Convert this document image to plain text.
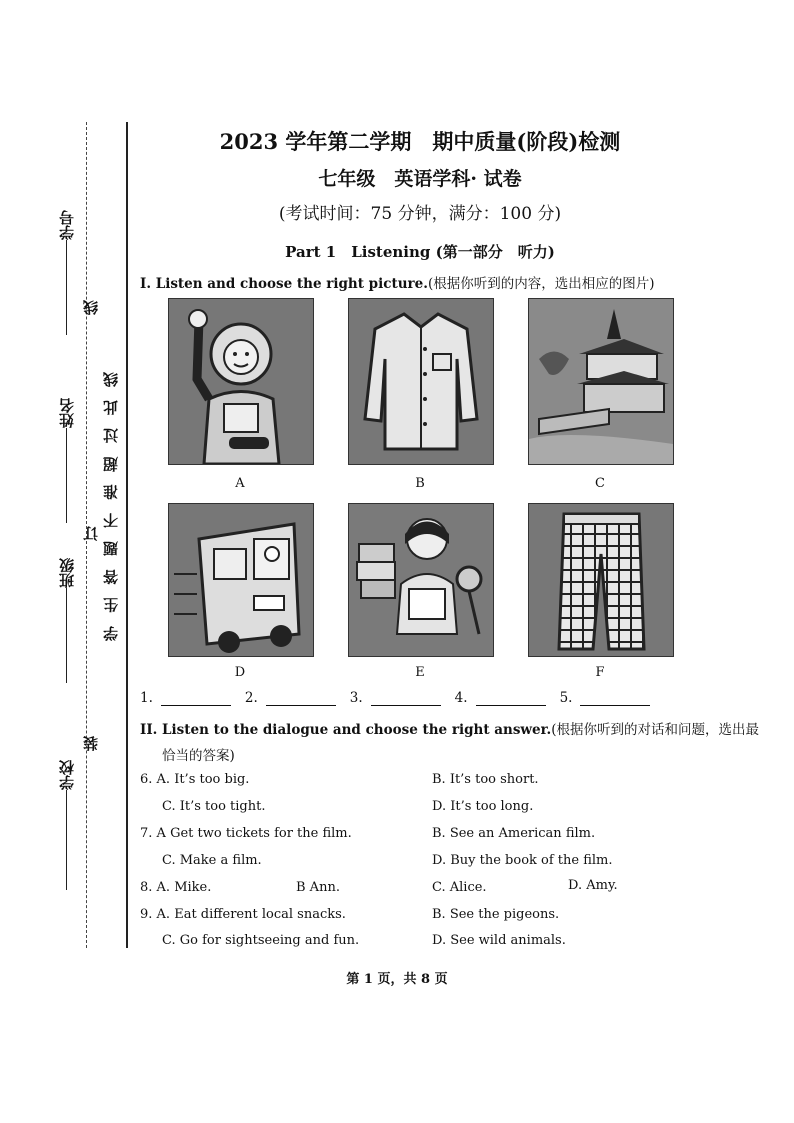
学号
线
姓名
订
班级
装
学校
学 生 答 题 不 准 超 过 此 线
2023 学年第二学期　期中质量(阶段)检测
七年级　英语学科· 试卷
(考试时间：75 分钟，满分：100 分)
Part 1　Listening (第一部分　听力)
I. Listen and choose the right picture.(根据你听到的内容，选出相应的图片)
A	B	C
D	E	F
1.	2.	3.	4.	5.
II. Listen to the dialogue and choose the right answer.(根据你听到的对话和问题，选出最
恰当的答案)
6. A. It’s too big.	B. It’s too short.
C. It’s too tight.	D. It’s too long.
7. A Get two tickets for the film.	B. See an American film.
C. Make a film.	D. Buy the book of the film.
8. A. Mike.	B Ann.	C. Alice.	D. Amy.
9. A. Eat different local snacks.	B. See the pigeons.
C. Go for sightseeing and fun.	D. See wild animals.
第 1 页，共 8 页
